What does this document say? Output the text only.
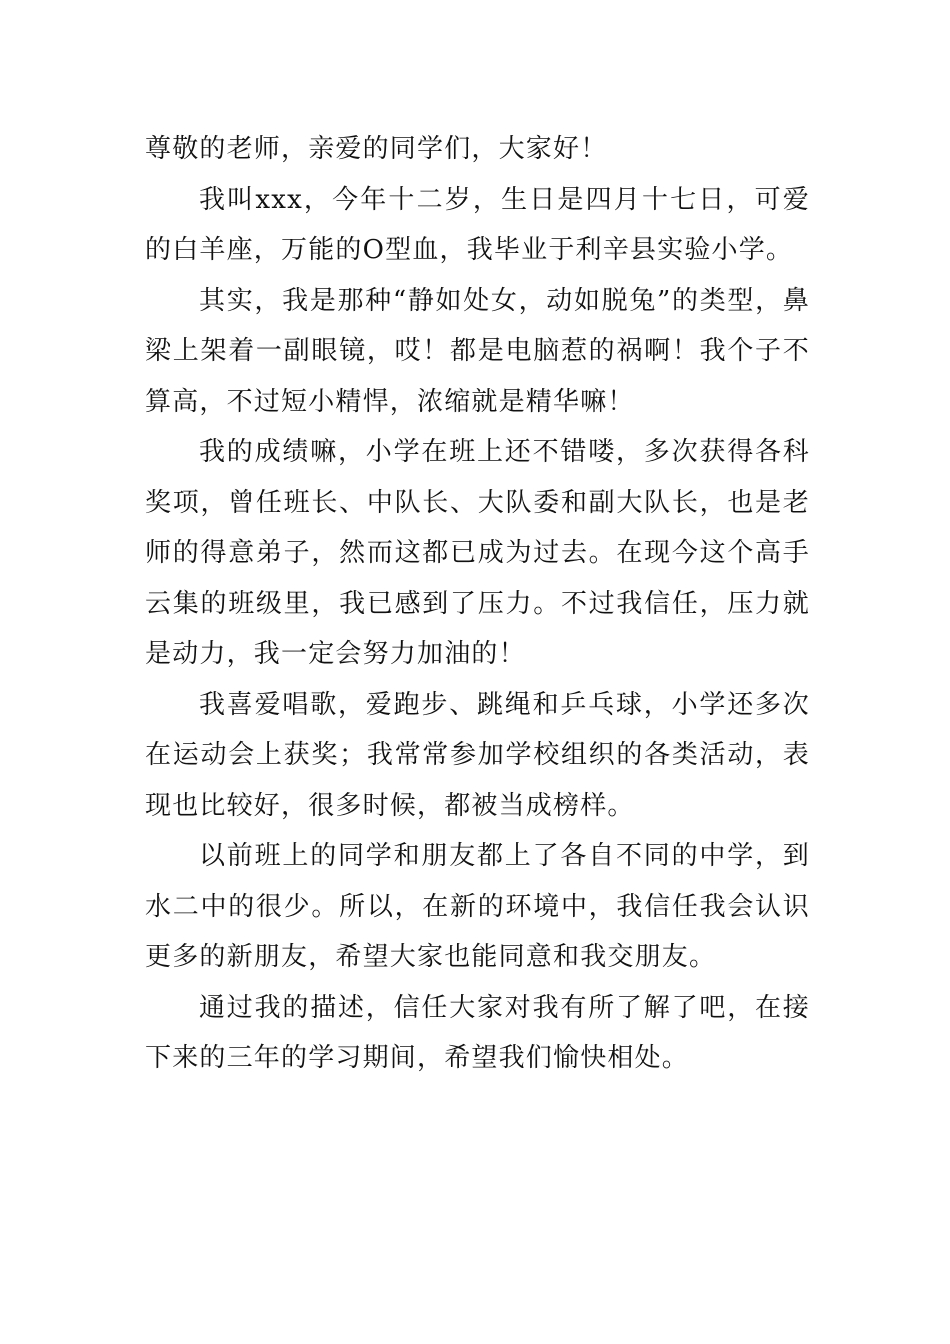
尊敬的老师，亲爱的同学们，大家好！

我叫xxx，今年十二岁，生日是四月十七日，可爱的白羊座，万能的O型血，我毕业于利辛县实验小学。

其实，我是那种“静如处女，动如脱兔”的类型，鼻梁上架着一副眼镜，哎！都是电脑惹的祸啊！我个子不算高，不过短小精悍，浓缩就是精华嘛！

我的成绩嘛，小学在班上还不错喽，多次获得各科奖项，曾任班长、中队长、大队委和副大队长，也是老师的得意弟子，然而这都已成为过去。在现今这个高手云集的班级里，我已感到了压力。不过我信任，压力就是动力，我一定会努力加油的！

我喜爱唱歌，爱跑步、跳绳和乒乓球，小学还多次在运动会上获奖；我常常参加学校组织的各类活动，表现也比较好，很多时候，都被当成榜样。

以前班上的同学和朋友都上了各自不同的中学，到水二中的很少。所以，在新的环境中，我信任我会认识更多的新朋友，希望大家也能同意和我交朋友。

通过我的描述，信任大家对我有所了解了吧，在接下来的三年的学习期间，希望我们愉快相处。
